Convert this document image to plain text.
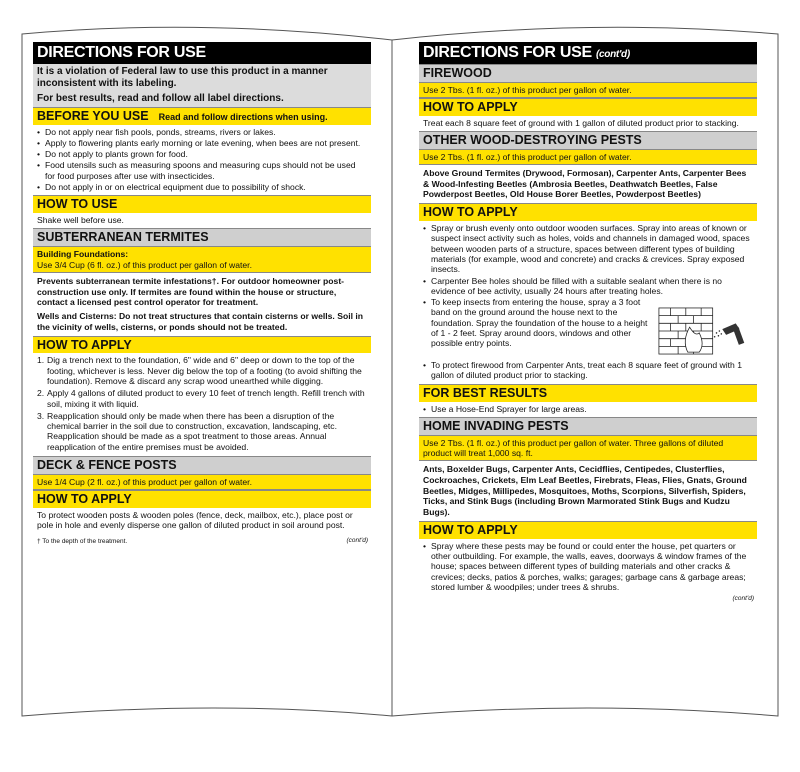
DIRECTIONS FOR USE

It is a violation of Federal law to use this product in a manner inconsistent with its labeling.

For best results, read and follow all label directions.

BEFORE YOU USE Read and follow directions when using.
• Do not apply near fish pools, ponds, streams, rivers or lakes.
• Apply to flowering plants early morning or late evening, when bees are not present.
• Do not apply to plants grown for food.
• Food utensils such as measuring spoons and measuring cups should not be used for food purposes after use with insecticides.
• Do not apply in or on electrical equipment due to possibility of shock.
HOW TO USE
Shake well before use.
SUBTERRANEAN TERMITES
Building Foundations:
Use 3/4 Cup (6 fl. oz.) of this product per gallon of water.

Prevents subterranean termite infestations†. For outdoor homeowner post-construction use only. If termites are found within the house or structure, contact a licensed pest control operator for treatment.

Wells and Cisterns: Do not treat structures that contain cisterns or wells. Soil in the vicinity of wells, cisterns, or ponds should not be treated.

HOW TO APPLY
1. Dig a trench next to the foundation, 6" wide and 6" deep or down to the top of the footing, whichever is less. Never dig below the top of a footing (to avoid shifting the foundation). Remove & discard any scrap wood unearthed while digging.
2. Apply 4 gallons of diluted product to every 10 feet of trench length. Refill trench with soil, mixing it with liquid.
3. Reapplication should only be made when there has been a disruption of the chemical barrier in the soil due to construction, excavation, landscaping, etc. Reapplication should be made as a spot treatment to those areas. Annual reapplication of the entire premises must be avoided.
DECK & FENCE POSTS
Use 1/4 Cup (2 fl. oz.) of this product per gallon of water.
HOW TO APPLY
To protect wooden posts & wooden poles (fence, deck, mailbox, etc.), place post or pole in hole and evenly disperse one gallon of diluted product in soil around post.
† To the depth of the treatment.	(cont'd)
DIRECTIONS FOR USE (cont'd)
FIREWOOD
Use 2 Tbs. (1 fl. oz.) of this product per gallon of water.
HOW TO APPLY
Treat each 8 square feet of ground with 1 gallon of diluted product prior to stacking.
OTHER WOOD-DESTROYING PESTS
Use 2 Tbs. (1 fl. oz.) of this product per gallon of water.
Above Ground Termites (Drywood, Formosan), Carpenter Ants, Carpenter Bees & Wood-Infesting Beetles (Ambrosia Beetles, Deathwatch Beetles, False Powderpost Beetles, Old House Borer Beetles, Powderpost Beetles)
HOW TO APPLY
• Spray or brush evenly onto outdoor wooden surfaces. Spray into areas of known or suspect insect activity such as holes, voids and channels in damaged wood, spaces between wooden parts of a structure, spaces between different types of building materials (for example, wood and concrete) and cracks & crevices. Spray exposed insects.
• Carpenter Bee holes should be filled with a suitable sealant when there is no evidence of bee activity, usually 24 hours after treating holes.
• To keep insects from entering the house, spray a 3 foot band on the ground around the house next to the foundation. Spray the foundation of the house to a height of 1 - 2 feet. Spray around doors, windows and other possible entry points.
• To protect firewood from Carpenter Ants, treat each 8 square feet of ground with 1 gallon of diluted product prior to stacking.
FOR BEST RESULTS
• Use a Hose-End Sprayer for large areas.
HOME INVADING PESTS
Use 2 Tbs. (1 fl. oz.) of this product per gallon of water. Three gallons of diluted product will treat 1,000 sq. ft.
Ants, Boxelder Bugs, Carpenter Ants, Cecidflies, Centipedes, Clusterflies, Cockroaches, Crickets, Elm Leaf Beetles, Firebrats, Fleas, Flies, Gnats, Ground Beetles, Midges, Millipedes, Mosquitoes, Moths, Scorpions, Silverfish, Spiders, Ticks, and Stink Bugs (including Brown Marmorated Stink Bugs and Kudzu Bugs).
HOW TO APPLY
• Spray where these pests may be found or could enter the house, pet quarters or other outbuilding. For example, the walls, eaves, doorways & window frames of the house; spaces between different types of building materials and other cracks & crevices; decks, patios & porches, walks; garages; garbage cans & garbage areas; stored lumber & woodpiles; under trees & shrubs.
(cont'd)
